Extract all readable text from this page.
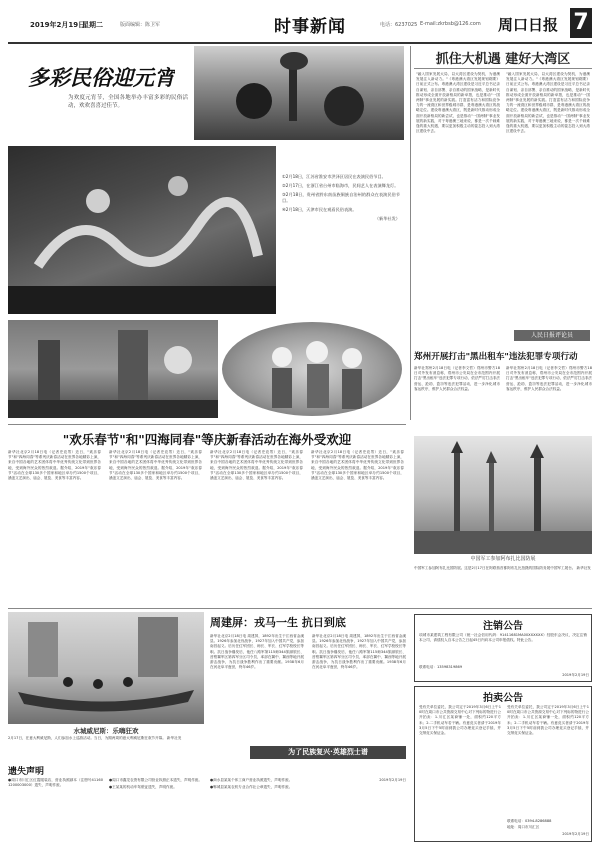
2019年2月19日
星期二	版面编辑：陈卫军	时事新闻	电话：6237025 E-mail:zkrbsb@126.com 周口日报 7
多彩民俗迎元宵
为欢度元宵节，全国各地举办丰富多彩的民俗活动，欢欢喜喜过佳节。
①2月18日，江苏省淮安市洪泽区居民在表演民俗节目。
②2月17日，在浙江省台州市临海市，民间艺人在表演舞龙灯。
③2月18日，贵州省黔东南苗族侗族自治州的群众在表演民俗节目。
④2月18日，天津市民在观看民俗表演。
（新华社发）
抓住大机遇 建好大湾区
"融入国家发展大局，以大湾区建设为契机，为港澳发展注入新动力。"《粤港澳大湾区发展规划纲要》日前正式公布。粤港澳大湾区建设是习近平总书记亲自谋划、亲自部署、亲自推动的国家战略，是新时代推动形成全面开放新格局的新举措，也是推动"一国两制"事业发展的新实践。打造富有活力和国际竞争力的一流湾区和世界级城市群，是粤港澳大湾区的战略定位。建设粤港澳大湾区，既是新时代推动形成全面开放新格局的新尝试，也是推动"一国两制"事业发展的新实践，对于粤港澳三地来说，都是一次千载难逢的重大机遇，要以更加积极主动的姿态投入到大湾区建设中去。
"融入国家发展大局，以大湾区建设为契机，为港澳发展注入新动力。"《粤港澳大湾区发展规划纲要》日前正式公布。粤港澳大湾区建设是习近平总书记亲自谋划、亲自部署、亲自推动的国家战略，是新时代推动形成全面开放新格局的新举措，也是推动"一国两制"事业发展的新实践。打造富有活力和国际竞争力的一流湾区和世界级城市群，是粤港澳大湾区的战略定位。建设粤港澳大湾区，既是新时代推动形成全面开放新格局的新尝试，也是推动"一国两制"事业发展的新实践，对于粤港澳三地来说，都是一次千载难逢的重大机遇，要以更加积极主动的姿态投入到大湾区建设中去。
人民日报评论员
郑州开展打击"黑出租车"违法犯罪专项行动
新华社郑州2月18日电（记者李文哲）郑州市警方18日对外发布消息称，郑州市公安局在全市范围内开展打击"黑出租车"违法犯罪专项行动，依法严厉打击非法营运、抢劫、盗窃等违法犯罪活动，进一步净化城市客运秩序，维护人民群众合法权益。
新华社郑州2月18日电（记者李文哲）郑州市警方18日对外发布消息称，郑州市公安局在全市范围内开展打击"黑出租车"违法犯罪专项行动，依法严厉打击非法营运、抢劫、盗窃等违法犯罪活动，进一步净化城市客运秩序，维护人民群众合法权益。
"欢乐春节"和"四海同春"等庆新春活动在海外受欢迎
新华社北京2月18日电（记者史竞男）近日，"欢乐春节"和"四海同春"等系列庆新春活动在世界各地精彩上演，来自中国各地的艺术团体将中华优秀传统文化带到世界各地，受到海外民众的热烈欢迎。据介绍，2019年"欢乐春节"活动在全球130多个国家和地区举办约1500个项目，涵盖文艺演出、庙会、展览、美食等丰富内容。
新华社北京2月18日电（记者史竞男）近日，"欢乐春节"和"四海同春"等系列庆新春活动在世界各地精彩上演，来自中国各地的艺术团体将中华优秀传统文化带到世界各地，受到海外民众的热烈欢迎。据介绍，2019年"欢乐春节"活动在全球130多个国家和地区举办约1500个项目，涵盖文艺演出、庙会、展览、美食等丰富内容。
新华社北京2月18日电（记者史竞男）近日，"欢乐春节"和"四海同春"等系列庆新春活动在世界各地精彩上演，来自中国各地的艺术团体将中华优秀传统文化带到世界各地，受到海外民众的热烈欢迎。据介绍，2019年"欢乐春节"活动在全球130多个国家和地区举办约1500个项目，涵盖文艺演出、庙会、展览、美食等丰富内容。
新华社北京2月18日电（记者史竞男）近日，"欢乐春节"和"四海同春"等系列庆新春活动在世界各地精彩上演，来自中国各地的艺术团体将中华优秀传统文化带到世界各地，受到海外民众的热烈欢迎。据介绍，2019年"欢乐春节"活动在全球130多个国家和地区举办约1500个项目，涵盖文艺演出、庙会、展览、美食等丰富内容。
中国军工参加阿布扎比国防展
中国军工参加阿布扎比国防展。这是2月17日在阿联酋首都阿布扎比拍摄的国际防务展中国军工展台。 新华社发
水城威尼斯：乐嗨狂欢
2月17日，在意大利威尼斯，人们参加水上巡游活动。当日，为期两周的意大利威尼斯狂欢节开幕。 新华社发
周建屏：戎马一生 抗日到底
新华社北京2月18日电 周建屏，1892年出生于江西省金溪县。1926年参加北伐战争，1927年加入中国共产党，参加南昌起义。后历任红军团长、师长、军长、红军学校校长等职。抗日战争爆发后，他任八路军第115师344旅副旅长、晋察冀军区第四军分区司令员，率部在冀中、冀西等地开展游击战争，为抗日战争胜利作出了重要贡献。1938年6月在河北阜平逝世，终年46岁。
新华社北京2月18日电 周建屏，1892年出生于江西省金溪县。1926年参加北伐战争，1927年加入中国共产党，参加南昌起义。后历任红军团长、师长、军长、红军学校校长等职。抗日战争爆发后，他任八路军第115师344旅副旅长、晋察冀军区第四军分区司令员，率部在冀中、冀西等地开展游击战争，为抗日战争胜利作出了重要贡献。1938年6月在河北阜平逝世，终年46岁。
为了民族复兴·英雄烈士谱
注销公告
项城市某建筑工程有限公司（统一社会信用代码：91411681MA00XXXXXX）经股东会决议，决定注销本公司，请债权人自本公告之日起45日内向本公司申报债权。特此公告。
联系电话：13598319869
2019年2月19日
拍卖公告
受有关单位委托，我公司定于2019年3月6日上午10时在周口市公共资源交易中心对下列标的物进行公开拍卖：1.川汇区某商铺一处，面积约120平方米；2.二手机动车若干辆。有意竞买者请于2019年3月5日下午5时前到我公司办理竞买登记手续，并交纳竞买保证金。
受有关单位委托，我公司定于2019年3月6日上午10时在周口市公共资源交易中心对下列标的物进行公开拍卖：1.川汇区某商铺一处，面积约120平方米；2.二手机动车若干辆。有意竞买者请于2019年3月5日下午5时前到我公司办理竞买登记手续，并交纳竞买保证金。
联系电话：0394-8286888
地址：周口市川汇区
2019年2月19日
遗失声明
●周口市川汇区红霞服装店，营业执照副本（注册号411601200003000）遗失，声明作废。
●周口市鑫龙农资有限公司营业执照正本遗失，声明作废。
●王某某的机动车驾驶证遗失，声明作废。
●商水县某某个体工商户营业执照遗失，声明作废。
●郸城县某某农机专业合作社公章遗失，声明作废。
2019年2月19日
